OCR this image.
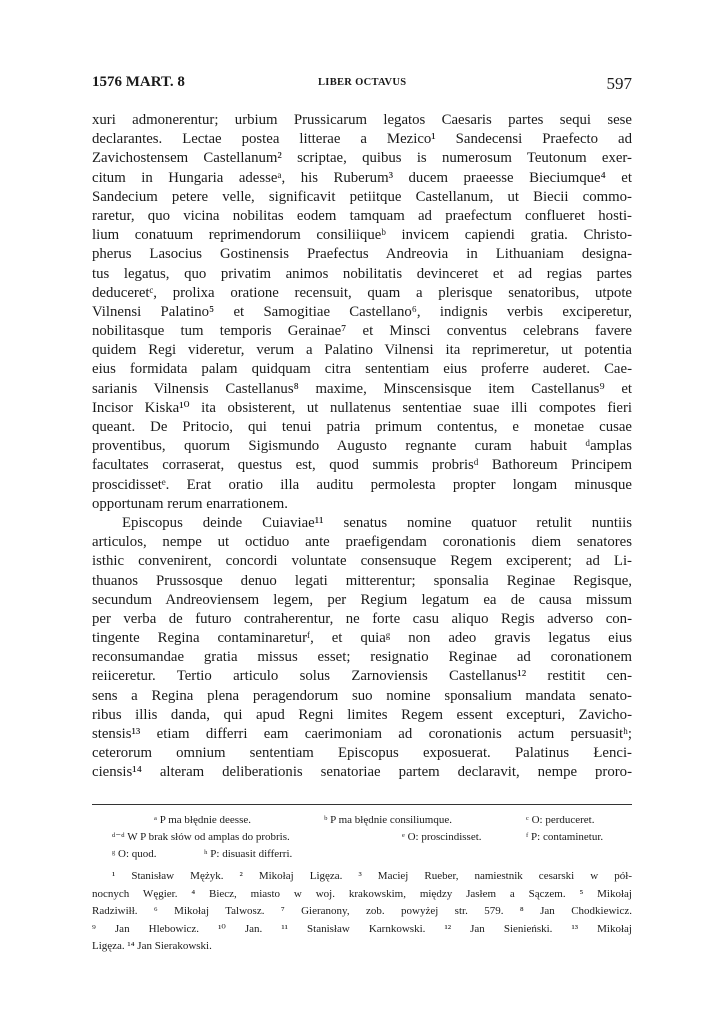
1576 MART. 8	LIBER OCTAVUS	597
xuri admonerentur; urbium Prussicarum legatos Caesaris partes sequi sese
declarantes. Lectae postea litterae a Mezico¹ Sandecensi Praefecto ad
Zavichostensem Castellanum² scriptae, quibus is numerosum Teutonum exer-
citum in Hungaria adesseᵃ, his Ruberum³ ducem praeesse Bieciumque⁴ et
Sandecium petere velle, significavit petiitque Castellanum, ut Biecii commo-
raretur, quo vicina nobilitas eodem tamquam ad praefectum conflueret hosti-
lium conatuum reprimendorum consiliiqueᵇ invicem capiendi gratia. Christo-
pherus Lasocius Gostinensis Praefectus Andreovia in Lithuaniam designa-
tus legatus, quo privatim animos nobilitatis devinceret et ad regias partes
deduceretᶜ, prolixa oratione recensuit, quam a plerisque senatoribus, utpote
Vilnensi Palatino⁵ et Samogitiae Castellano⁶, indignis verbis exciperetur,
nobilitasque tum temporis Gerainae⁷ et Minsci conventus celebrans favere
quidem Regi videretur, verum a Palatino Vilnensi ita reprimeretur, ut potentia
eius formidata palam quidquam citra sententiam eius proferre auderet. Cae-
sarianis Vilnensis Castellanus⁸ maxime, Minscensisque item Castellanus⁹ et
Incisor Kiska¹⁰ ita obsisterent, ut nullatenus sententiae suae illi compotes fieri
queant. De Pritocio, qui tenui patria primum contentus, e monetae cusae
proventibus, quorum Sigismundo Augusto regnante curam habuit ᵈamplas
facultates corraserat, questus est, quod summis probrisᵈ Bathoreum Principem
proscidissetᵉ. Erat oratio illa auditu permolesta propter longam minusque
opportunam rerum enarrationem.
Episcopus deinde Cuiaviae¹¹ senatus nomine quatuor retulit nuntiis
articulos, nempe ut octiduo ante praefigendam coronationis diem senatores
isthic convenirent, concordi voluntate consensuque Regem exciperent; ad Li-
thuanos Prussosque denuo legati mitterentur; sponsalia Reginae Regisque,
secundum Andreoviensem legem, per Regium legatum ea de causa missum
per verba de futuro contraherentur, ne forte casu aliquo Regis adverso con-
tingente Regina contaminareturᶠ, et quiaᵍ non adeo gravis legatus eius
reconsumandae gratia missus esset; resignatio Reginae ad coronationem
reiiceretur. Tertio articulo solus Zarnoviensis Castellanus¹² restitit cen-
sens a Regina plena peragendorum suo nomine sponsalium mandata senato-
ribus illis danda, qui apud Regni limites Regem essent excepturi, Zavicho-
stensis¹³ etiam differri eam caerimoniam ad coronationis actum persuasitʰ;
ceterorum omnium sententiam Episcopus exposuerat. Palatinus Łenci-
ciensis¹⁴ alteram deliberationis senatoriae partem declaravit, nempe proro-
ᵃ P ma błędnie deesse.	ᵇ P ma błędnie consiliumque.	ᶜ O: perduceret.
ᵈ⁻ᵈ W P brak słów od amplas do probris.	ᵉ O: proscindisset.	ᶠ P: contaminetur.
ᵍ O: quod.	ʰ P: disuasit differri.
¹ Stanisław Mężyk. ² Mikołaj Ligęza. ³ Maciej Rueber, namiestnik cesarski w pół-
nocnych Węgier. ⁴ Biecz, miasto w woj. krakowskim, między Jasłem a Sączem. ⁵ Mikołaj
Radziwiłł. ⁶ Mikołaj Talwosz. ⁷ Gieranony, zob. powyżej str. 579. ⁸ Jan Chodkiewicz.
⁹ Jan Hlebowicz. ¹⁰ Jan. ¹¹ Stanisław Karnkowski. ¹² Jan Sienieński. ¹³ Mikołaj
Ligęza. ¹⁴ Jan Sierakowski.
